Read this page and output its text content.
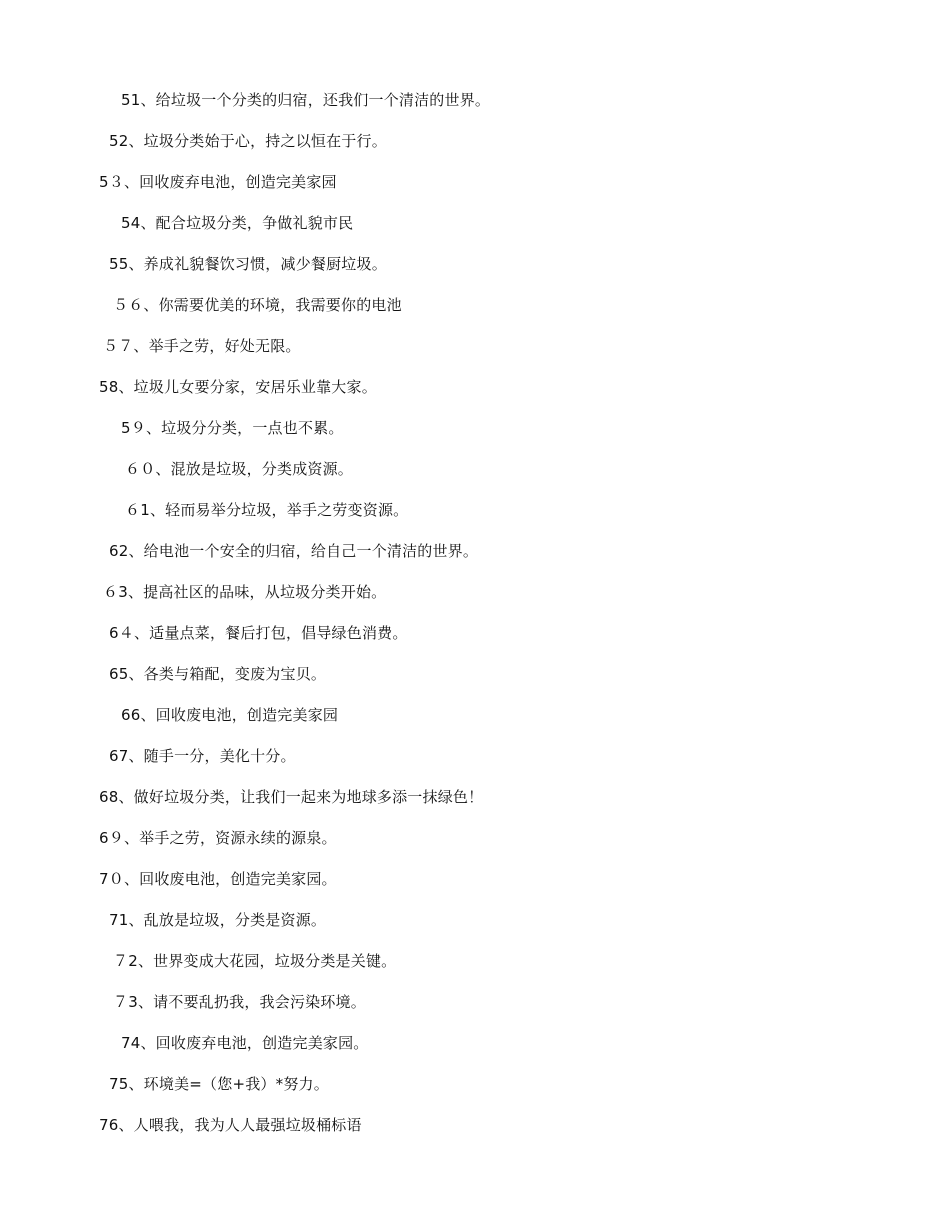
51、给垃圾一个分类的归宿，还我们一个清洁的世界。
52、垃圾分类始于心，持之以恒在于行。
5３、回收废弃电池，创造完美家园
54、配合垃圾分类，争做礼貌市民
55、养成礼貌餐饮习惯，减少餐厨垃圾。
５６、你需要优美的环境，我需要你的电池
５７、举手之劳，好处无限。
58、垃圾儿女要分家，安居乐业靠大家。
5９、垃圾分分类，一点也不累。
６０、混放是垃圾，分类成资源。
６1、轻而易举分垃圾，举手之劳变资源。
62、给电池一个安全的归宿，给自己一个清洁的世界。
６3、提高社区的品味，从垃圾分类开始。
6４、适量点菜，餐后打包，倡导绿色消费。
65、各类与箱配，变废为宝贝。
66、回收废电池，创造完美家园
67、随手一分，美化十分。
68、做好垃圾分类，让我们一起来为地球多添一抹绿色！
6９、举手之劳，资源永续的源泉。
7０、回收废电池，创造完美家园。
71、乱放是垃圾，分类是资源。
７2、世界变成大花园，垃圾分类是关键。
７3、请不要乱扔我，我会污染环境。
74、回收废弃电池，创造完美家园。
75、环境美=（您+我）*努力。
76、人喂我，我为人人最强垃圾桶标语
